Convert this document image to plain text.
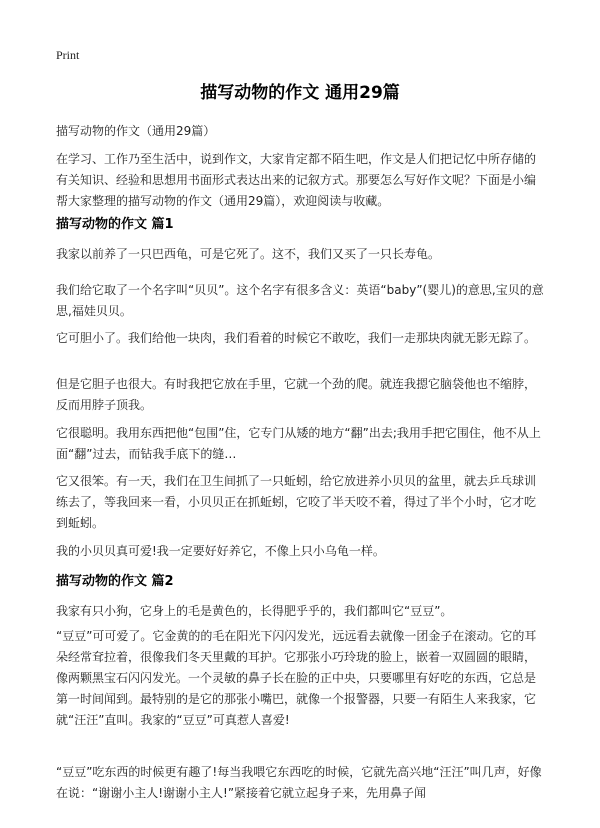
Print
描写动物的作文 通用29篇

描写动物的作文（通用29篇）

在学习、工作乃至生活中，说到作文，大家肯定都不陌生吧，作文是人们把记忆中所存储的有关知识、经验和思想用书面形式表达出来的记叙方式。那要怎么写好作文呢？下面是小编帮大家整理的描写动物的作文（通用29篇），欢迎阅读与收藏。

描写动物的作文 篇1

我家以前养了一只巴西龟，可是它死了。这不，我们又买了一只长寿龟。

我们给它取了一个名字叫“贝贝”。这个名字有很多含义：英语“baby”(婴儿)的意思,宝贝的意思,福娃贝贝。

它可胆小了。我们给他一块肉，我们看着的时候它不敢吃，我们一走那块肉就无影无踪了。

但是它胆子也很大。有时我把它放在手里，它就一个劲的爬。就连我摁它脑袋他也不缩脖，反而用脖子顶我。

它很聪明。我用东西把他“包围”住，它专门从矮的地方“翻”出去;我用手把它围住，他不从上面“翻”过去，而钻我手底下的缝…

它又很笨。有一天，我们在卫生间抓了一只蚯蚓，给它放进养小贝贝的盆里，就去乒乓球训练去了，等我回来一看，小贝贝正在抓蚯蚓，它咬了半天咬不着，得过了半个小时，它才吃到蚯蚓。

我的小贝贝真可爱!我一定要好好养它，不像上只小乌龟一样。

描写动物的作文 篇2

我家有只小狗，它身上的毛是黄色的，长得肥乎乎的，我们都叫它“豆豆”。

“豆豆”可可爱了。它金黄的的毛在阳光下闪闪发光，远远看去就像一团金子在滚动。它的耳朵经常耷拉着，很像我们冬天里戴的耳护。它那张小巧玲珑的脸上，嵌着一双圆圆的眼睛，像两颗黑宝石闪闪发光。一个灵敏的鼻子长在脸的正中央，只要哪里有好吃的东西，它总是第一时间闻到。最特别的是它的那张小嘴巴，就像一个报警器，只要一有陌生人来我家，它就“汪汪”直叫。我家的“豆豆”可真惹人喜爱!

“豆豆”吃东西的时候更有趣了!每当我喂它东西吃的时候，它就先高兴地“汪汪”叫几声，好像在说：“谢谢小主人!谢谢小主人!”紧接着它就立起身子来，先用鼻子闻
